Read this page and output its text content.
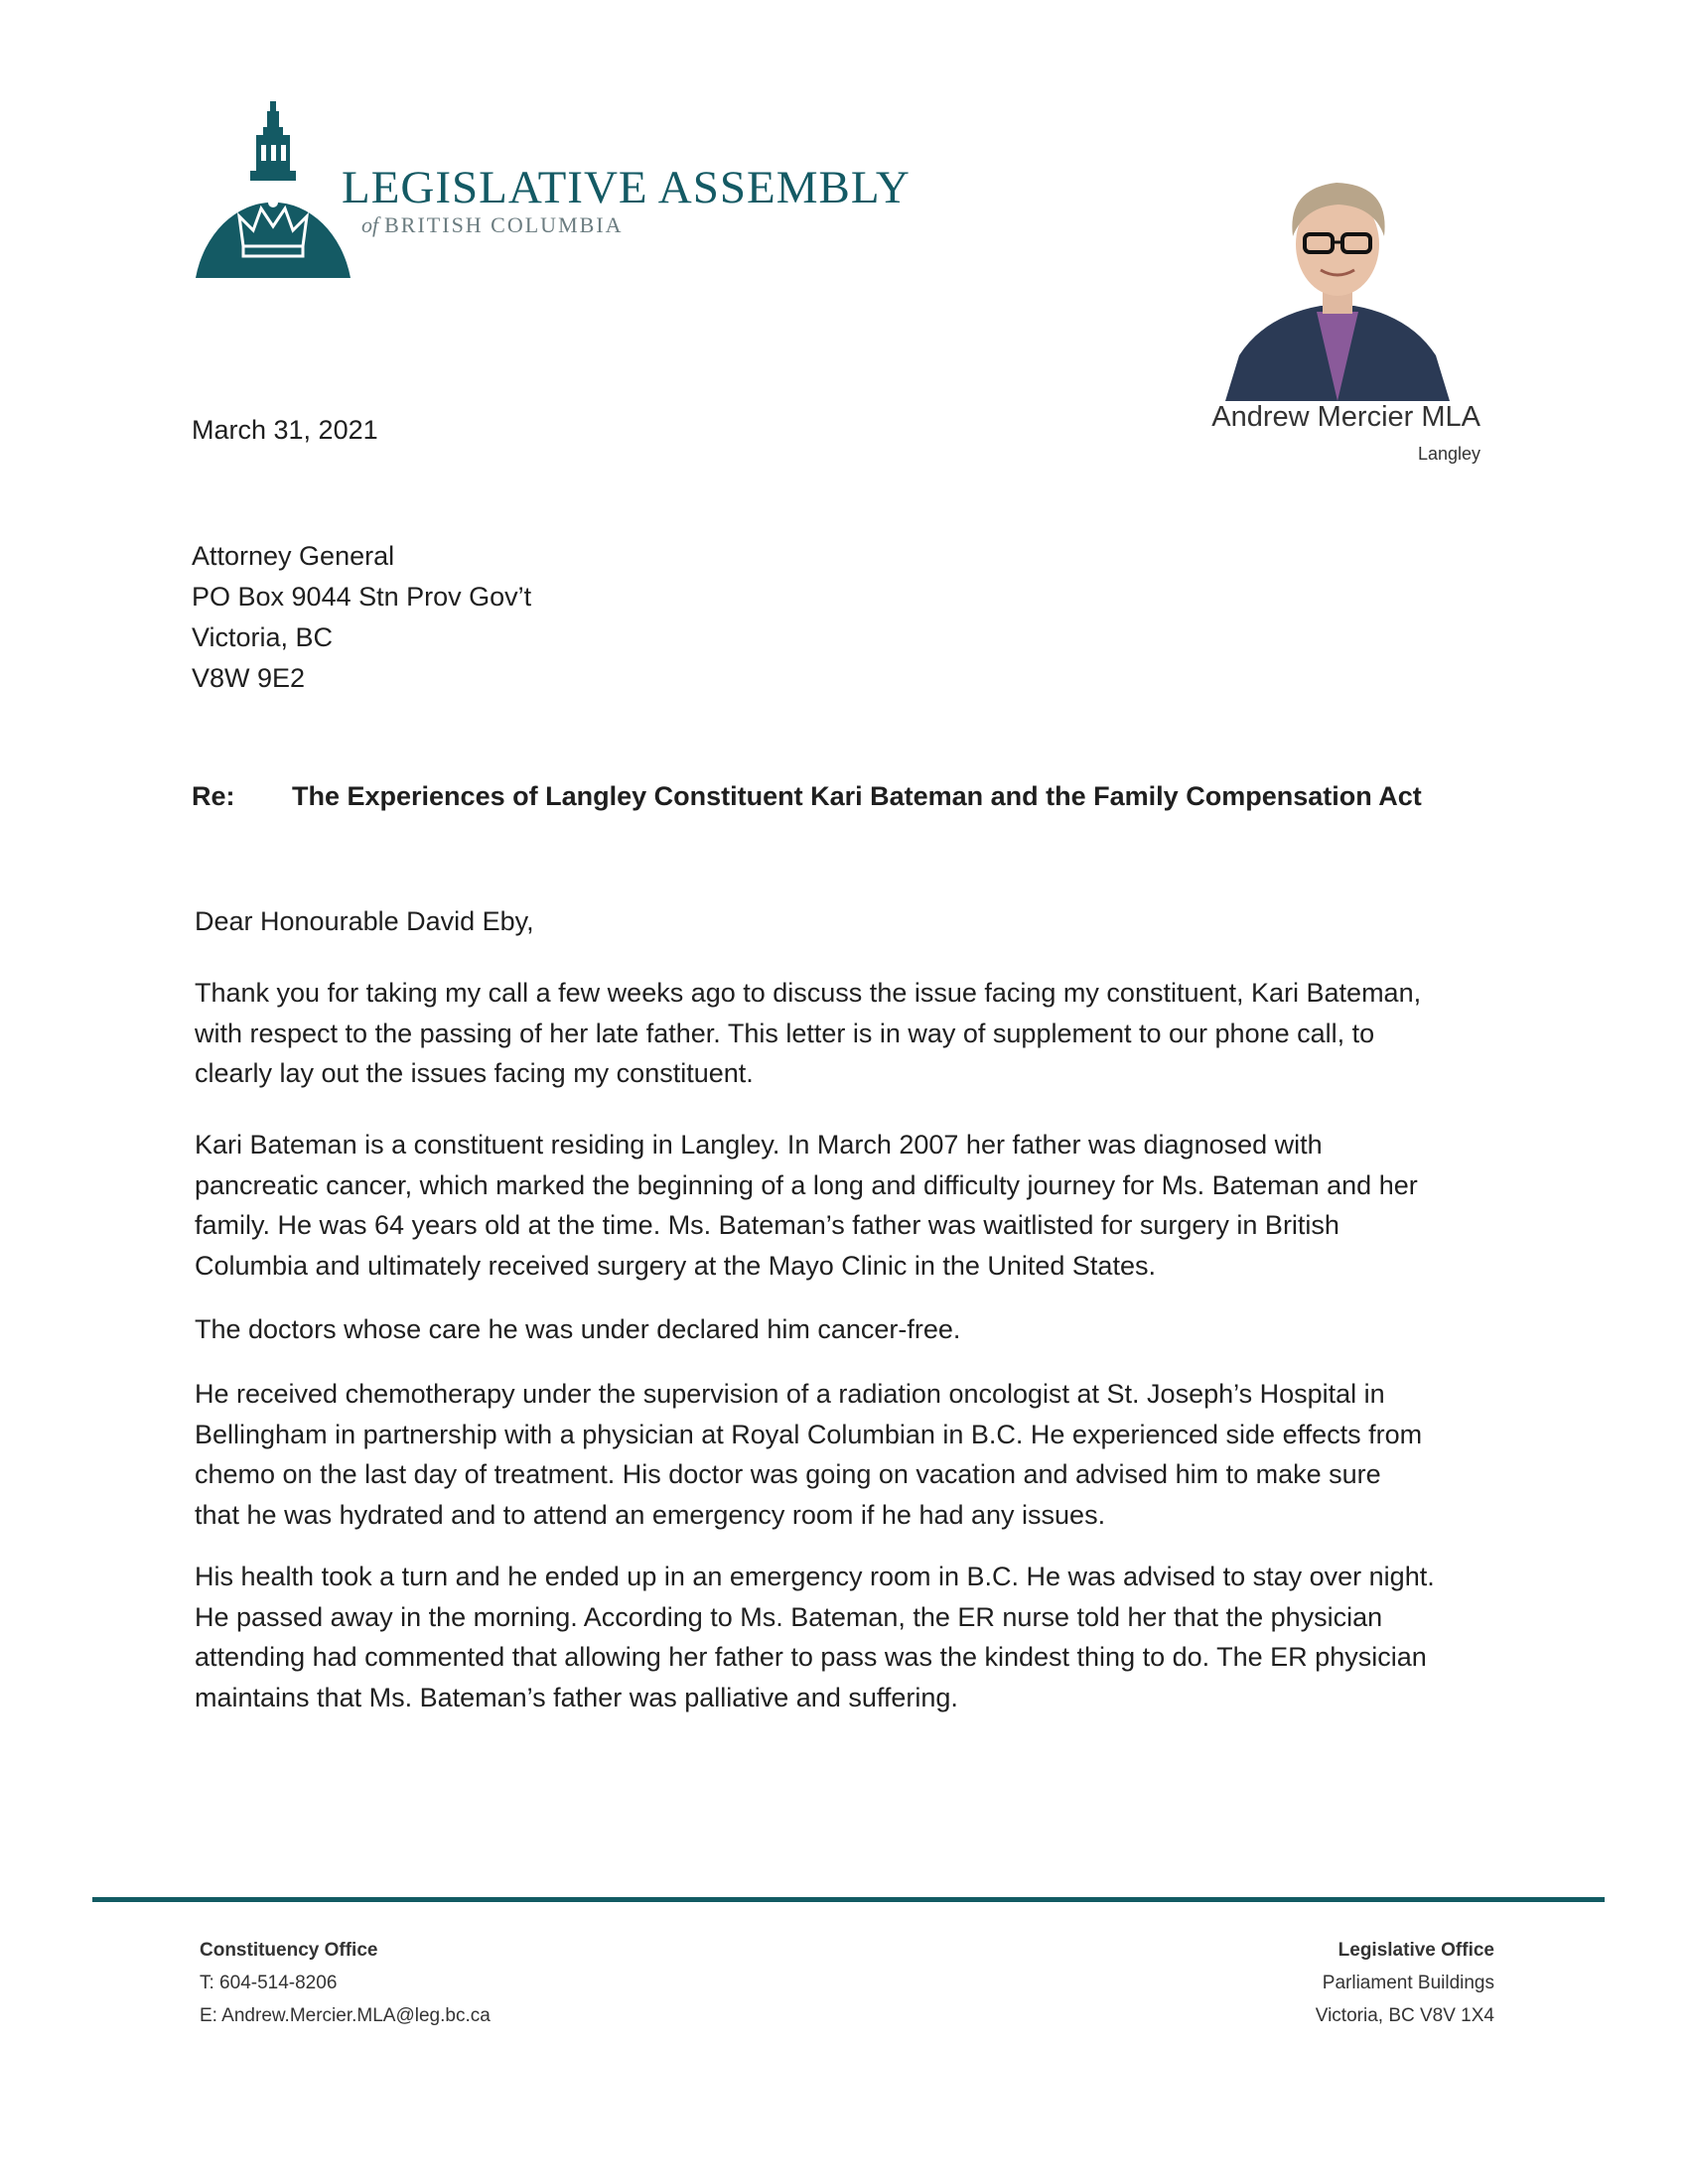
LEGISLATIVE ASSEMBLY
of BRITISH COLUMBIA
Andrew Mercier MLA
Langley
March 31, 2021
Attorney General
PO Box 9044 Stn Prov Gov’t
Victoria, BC
V8W 9E2
Re: The Experiences of Langley Constituent Kari Bateman and the Family Compensation Act
Dear Honourable David Eby,
Thank you for taking my call a few weeks ago to discuss the issue facing my constituent, Kari Bateman,
with respect to the passing of her late father. This letter is in way of supplement to our phone call, to
clearly lay out the issues facing my constituent.
Kari Bateman is a constituent residing in Langley. In March 2007 her father was diagnosed with
pancreatic cancer, which marked the beginning of a long and difficulty journey for Ms. Bateman and her
family. He was 64 years old at the time. Ms. Bateman’s father was waitlisted for surgery in British
Columbia and ultimately received surgery at the Mayo Clinic in the United States.
The doctors whose care he was under declared him cancer-free.
He received chemotherapy under the supervision of a radiation oncologist at St. Joseph’s Hospital in
Bellingham in partnership with a physician at Royal Columbian in B.C. He experienced side effects from
chemo on the last day of treatment. His doctor was going on vacation and advised him to make sure
that he was hydrated and to attend an emergency room if he had any issues.
His health took a turn and he ended up in an emergency room in B.C. He was advised to stay over night.
He passed away in the morning. According to Ms. Bateman, the ER nurse told her that the physician
attending had commented that allowing her father to pass was the kindest thing to do. The ER physician
maintains that Ms. Bateman’s father was palliative and suffering.
Constituency Office
T: 604-514-8206
E: Andrew.Mercier.MLA@leg.bc.ca
Legislative Office
Parliament Buildings
Victoria, BC V8V 1X4
